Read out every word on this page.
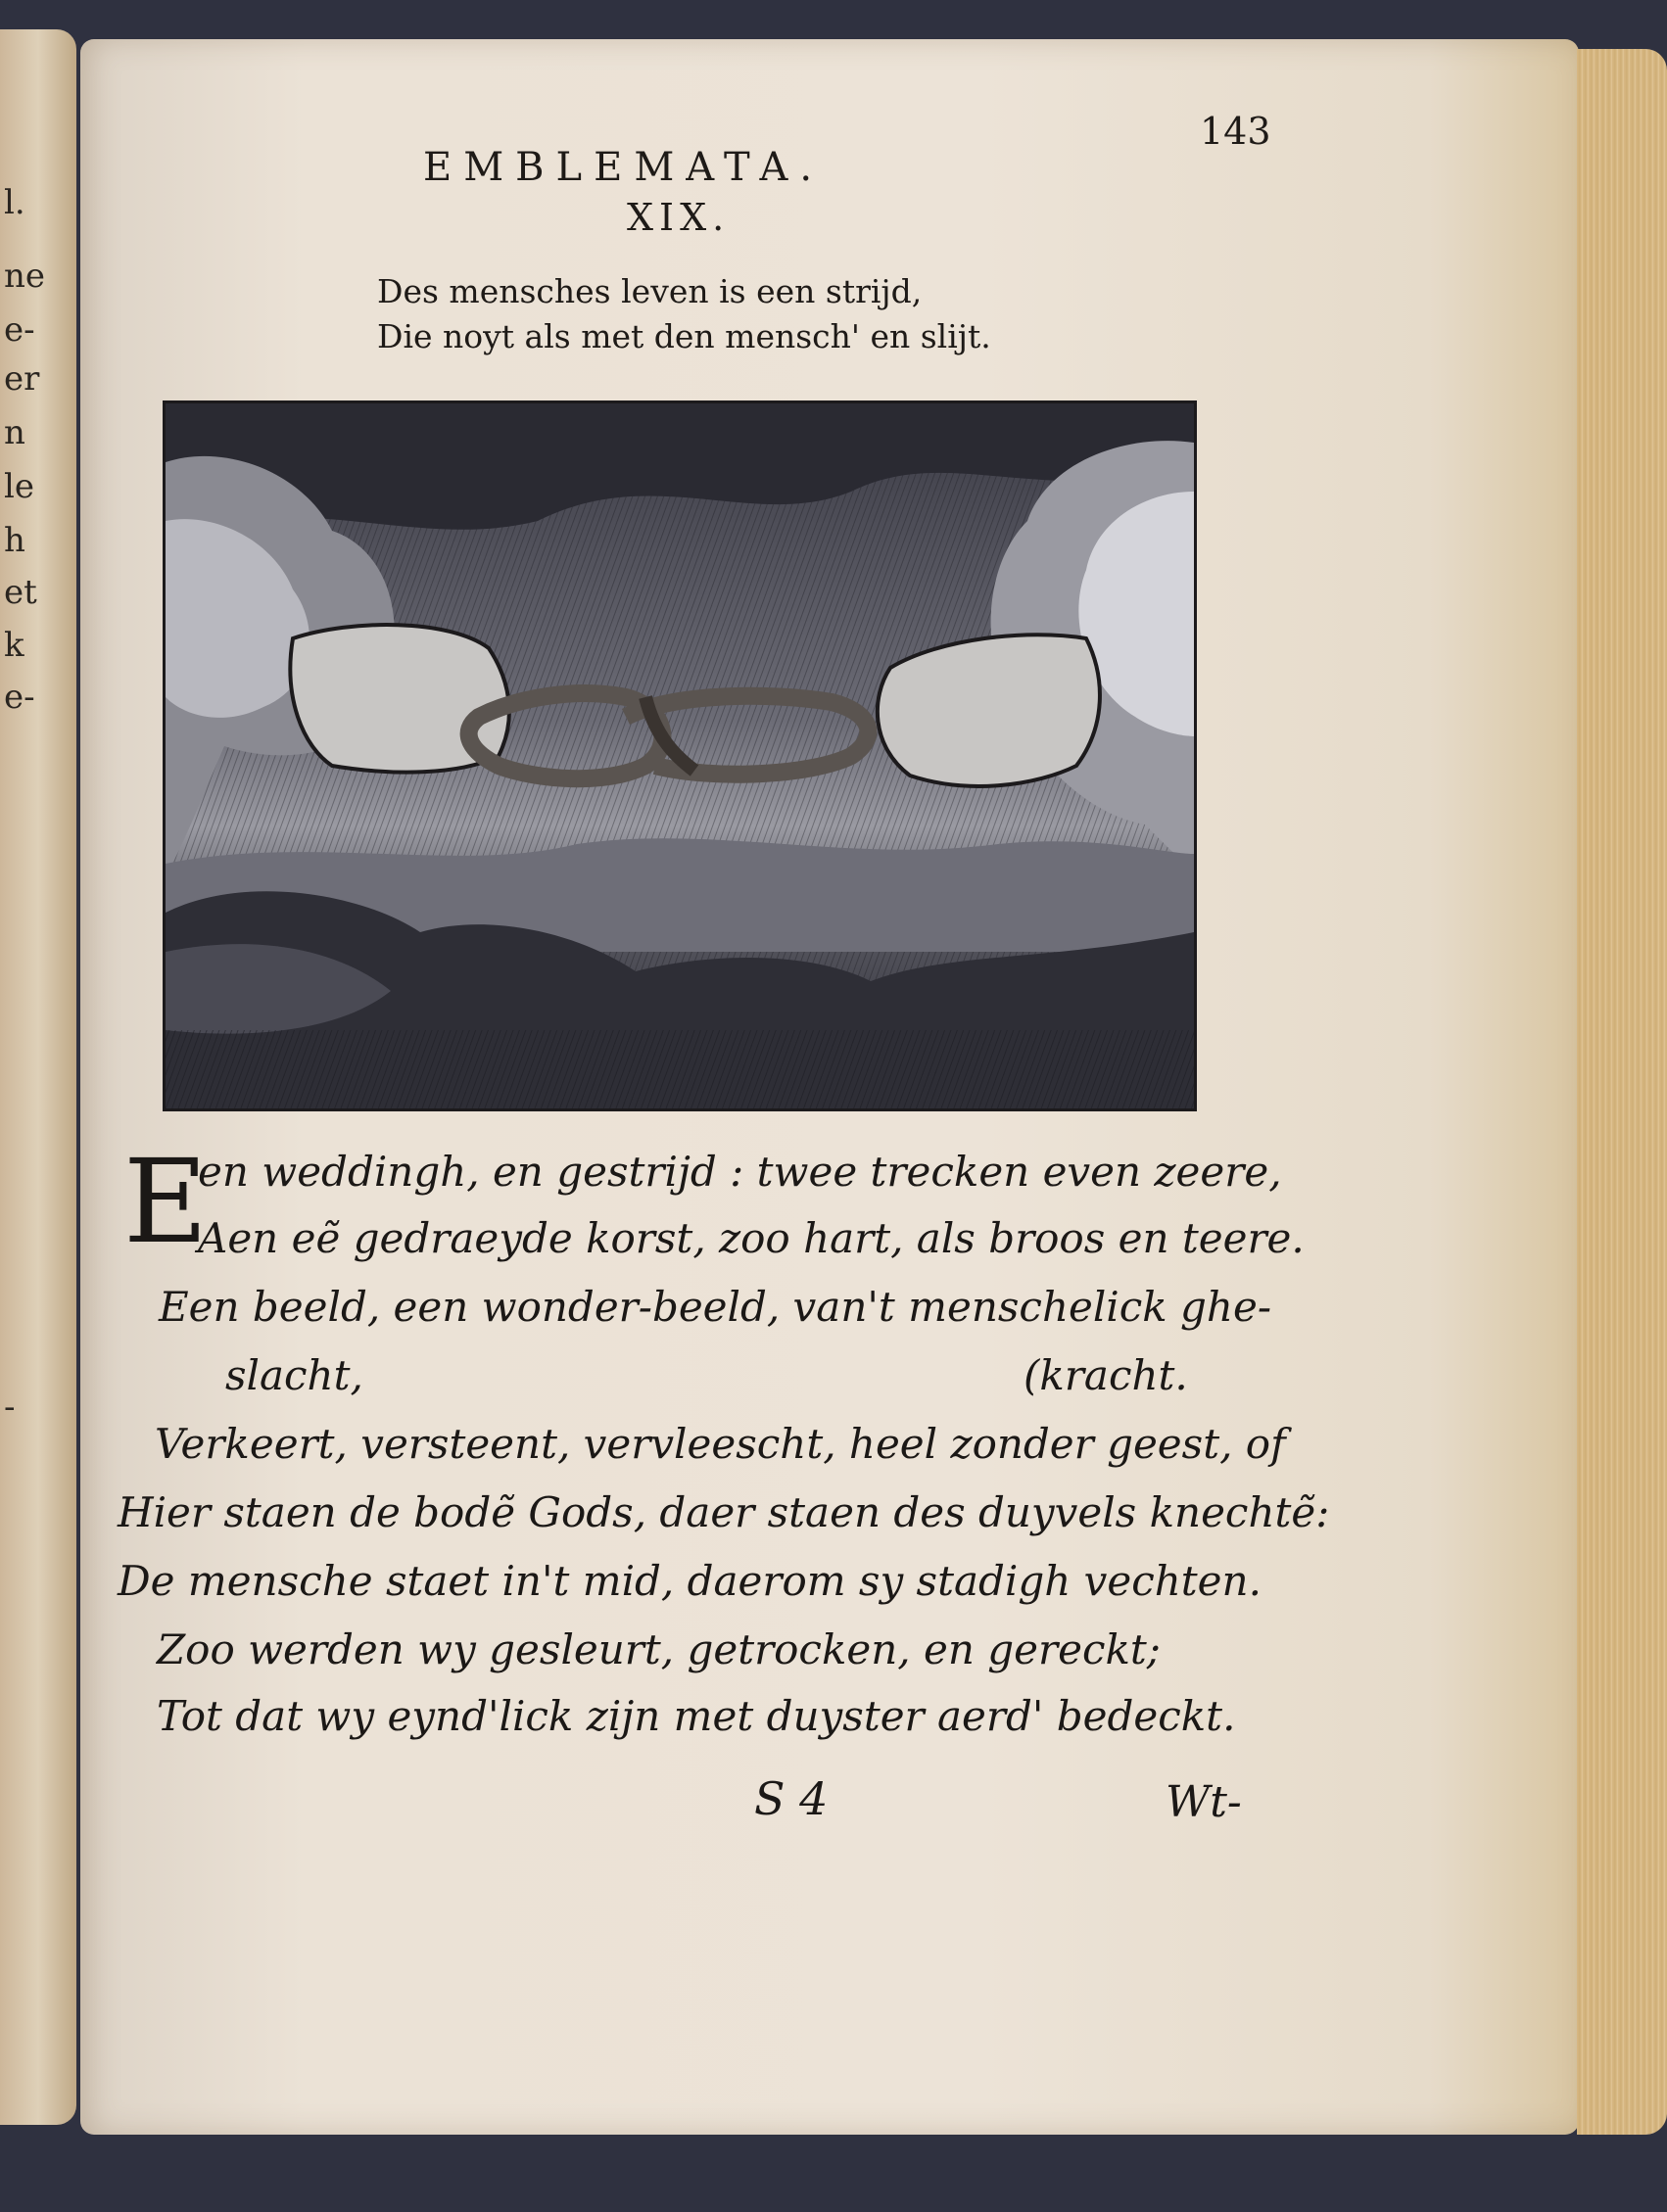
l.
ne
e-
er
n
le
h
et
k
e-
-
143
EMBLEMATA.
XIX.
Des mensches leven is een strijd,
Die noyt als met den mensch' en slijt.
E
en weddingh, en gestrijd : twee trecken even zeere,
Aen eẽ gedraeyde korst, zoo hart, als broos en teere.
Een beeld, een wonder-beeld, van't menschelick ghe-
slacht,	(kracht.
Verkeert, versteent, vervleescht, heel zonder geest, of
Hier staen de bodẽ Gods, daer staen des duyvels knechtẽ:
De mensche staet in't mid, daerom sy stadigh vechten.
Zoo werden wy gesleurt, getrocken, en gereckt;
Tot dat wy eynd'lick zijn met duyster aerd' bedeckt.
S 4	Wt-
